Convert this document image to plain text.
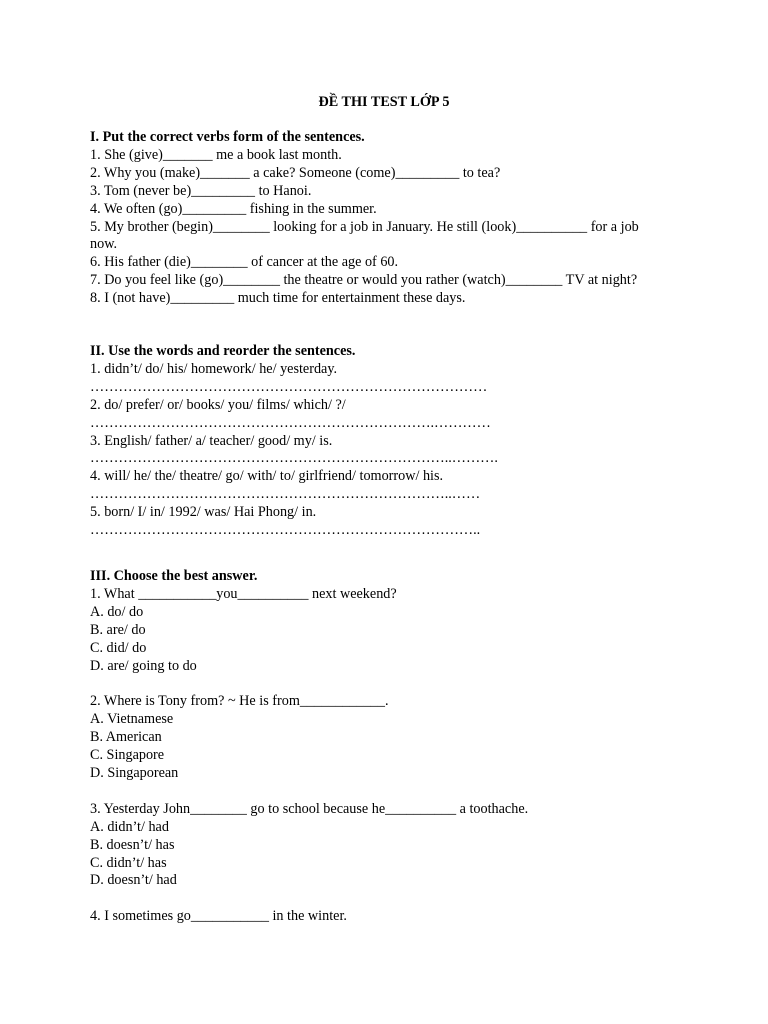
ĐỀ THI TEST LỚP 5
I. Put the correct verbs form of the sentences.
1. She (give)_______ me a book last month.
2. Why you (make)_______ a cake? Someone (come)_________ to tea?
3. Tom (never be)_________ to Hanoi.
4. We often (go)_________ fishing in the summer.
5. My brother (begin)________ looking for a job in January. He still (look)__________ for a job
now.
6. His father (die)________ of cancer at the age of 60.
7. Do you feel like (go)________ the theatre or would you rather (watch)________ TV at night?
8. I (not have)_________ much time for entertainment these days.
II. Use the words and reorder the sentences.
1. didn’t/ do/ his/ homework/ he/ yesterday.
…………………………………………………………………………
2. do/ prefer/ or/ books/ you/ films/ which/ ?/
……………………………………………………………….…………
3. English/ father/ a/ teacher/ good/ my/ is.
…………………………………………………………………..……….
4. will/ he/ the/ theatre/ go/ with/ to/ girlfriend/ tomorrow/ his.
…………………………………………………………………..……
5. born/ I/ in/ 1992/ was/ Hai Phong/ in.
………………………………………………………………………..
III. Choose the best answer.
1. What ___________you__________ next weekend?
A. do/ do
B. are/ do
C. did/ do
D. are/ going to do

2. Where is Tony from? ~ He is from____________.
A. Vietnamese
B. American
C. Singapore
D. Singaporean

3. Yesterday John________ go to school because he__________ a toothache.
A. didn’t/ had
B. doesn’t/ has
C. didn’t/ has
D. doesn’t/ had

4. I sometimes go___________ in the winter.
